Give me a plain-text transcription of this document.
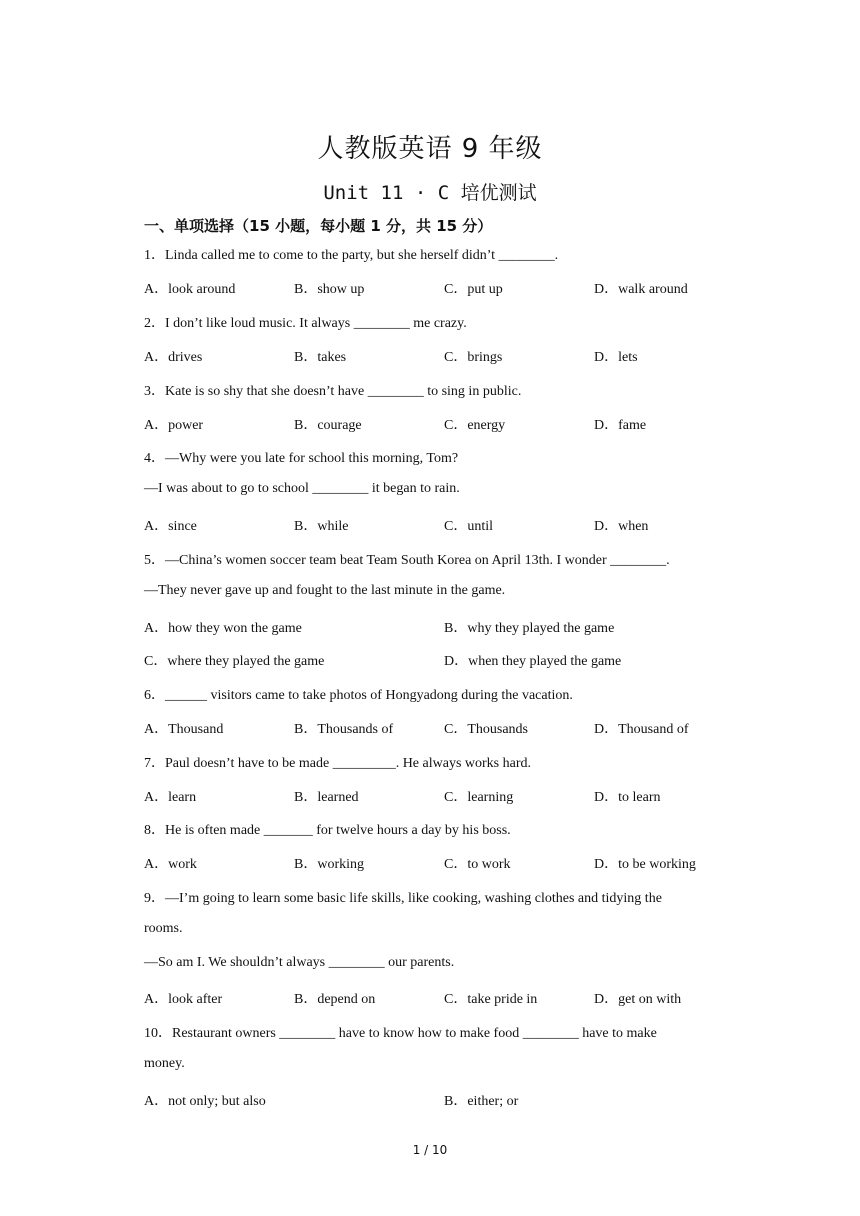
人教版英语 9 年级
Unit 11 · C 培优测试
一、单项选择（15 小题，每小题 1 分，共 15 分）
1．Linda called me to come to the party, but she herself didn’t ________.
A．look around	B．show up	C．put up	D．walk around
2．I don’t like loud music. It always ________ me crazy.
A．drives	B．takes	C．brings	D．lets
3．Kate is so shy that she doesn’t have ________ to sing in public.
A．power	B．courage	C．energy	D．fame
4．—Why were you late for school this morning, Tom?
—I was about to go to school ________ it began to rain.
A．since	B．while	C．until	D．when
5．—China’s women soccer team beat Team South Korea on April 13th. I wonder ________.
—They never gave up and fought to the last minute in the game.
A．how they won the game	B．why they played the game
C．where they played the game	D．when they played the game
6．______ visitors came to take photos of Hongyadong during the vacation.
A．Thousand	B．Thousands of	C．Thousands	D．Thousand of
7．Paul doesn’t have to be made _________. He always works hard.
A．learn	B．learned	C．learning	D．to learn
8．He is often made _______ for twelve hours a day by his boss.
A．work	B．working	C．to work	D．to be working
9．—I’m going to learn some basic life skills, like cooking, washing clothes and tidying the
rooms.
—So am I. We shouldn’t always ________ our parents.
A．look after	B．depend on	C．take pride in	D．get on with
10．Restaurant owners ________ have to know how to make food ________ have to make
money.
A．not only; but also	B．either; or
1 / 10
